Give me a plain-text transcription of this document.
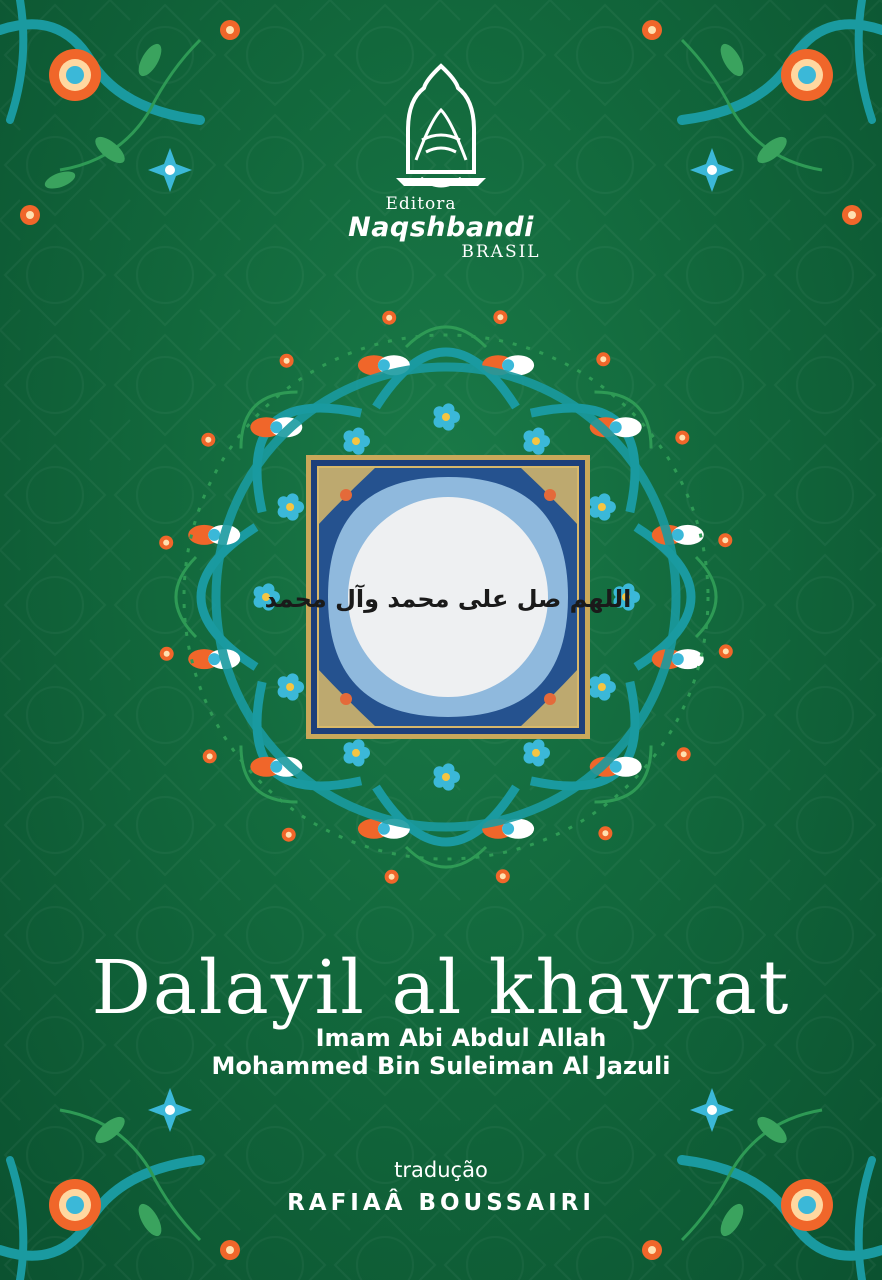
Editora
Naqshbandi
BRASIL
اللهم صل على محمد وآل محمد
Dalayil al khayrat
Imam Abi Abdul Allah
Mohammed Bin Suleiman Al Jazuli
tradução
RAFIAÂ BOUSSAIRI
